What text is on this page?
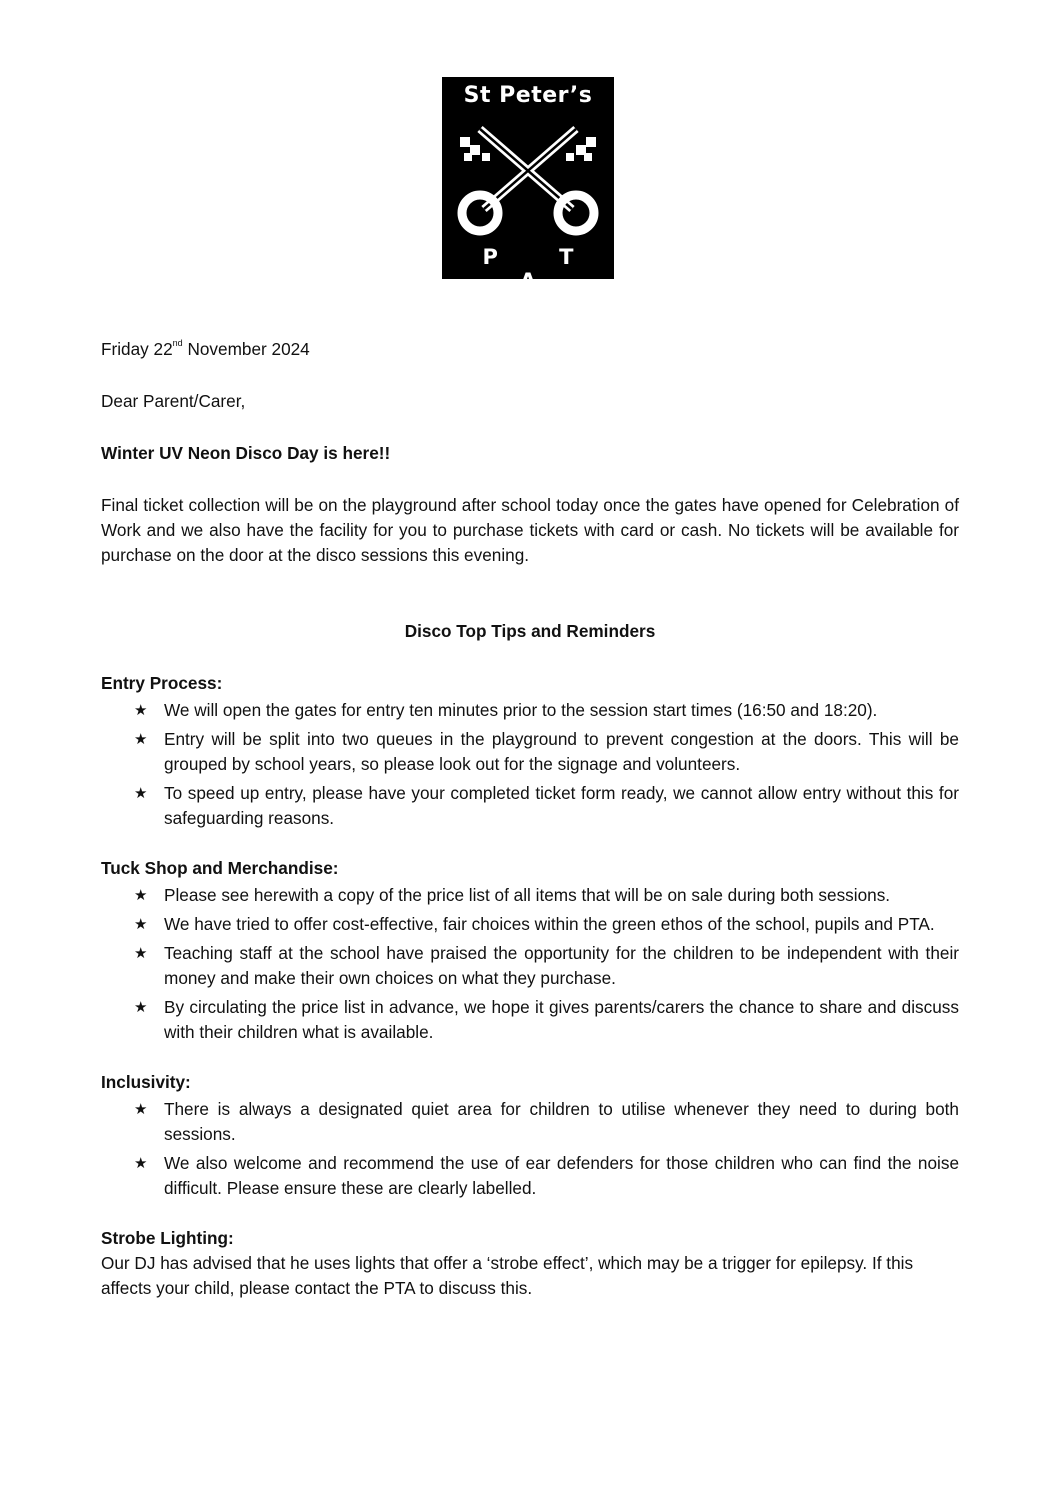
St Peter’s
P T A

Friday 22nd November 2024

Dear Parent/Carer,

Winter UV Neon Disco Day is here!!

Final ticket collection will be on the playground after school today once the gates have opened for Celebration of Work and we also have the facility for you to purchase tickets with card or cash. No tickets will be available for purchase on the door at the disco sessions this evening.

Disco Top Tips and Reminders

Entry Process:

★ We will open the gates for entry ten minutes prior to the session start times (16:50 and 18:20).
★ Entry will be split into two queues in the playground to prevent congestion at the doors. This will be grouped by school years, so please look out for the signage and volunteers.
★ To speed up entry, please have your completed ticket form ready, we cannot allow entry without this for safeguarding reasons.

Tuck Shop and Merchandise:

★ Please see herewith a copy of the price list of all items that will be on sale during both sessions.
★ We have tried to offer cost-effective, fair choices within the green ethos of the school, pupils and PTA.
★ Teaching staff at the school have praised the opportunity for the children to be independent with their money and make their own choices on what they purchase.
★ By circulating the price list in advance, we hope it gives parents/carers the chance to share and discuss with their children what is available.

Inclusivity:

★ There is always a designated quiet area for children to utilise whenever they need to during both sessions.
★ We also welcome and recommend the use of ear defenders for those children who can find the noise difficult. Please ensure these are clearly labelled.

Strobe Lighting:

Our DJ has advised that he uses lights that offer a ‘strobe effect’, which may be a trigger for epilepsy. If this affects your child, please contact the PTA to discuss this.
